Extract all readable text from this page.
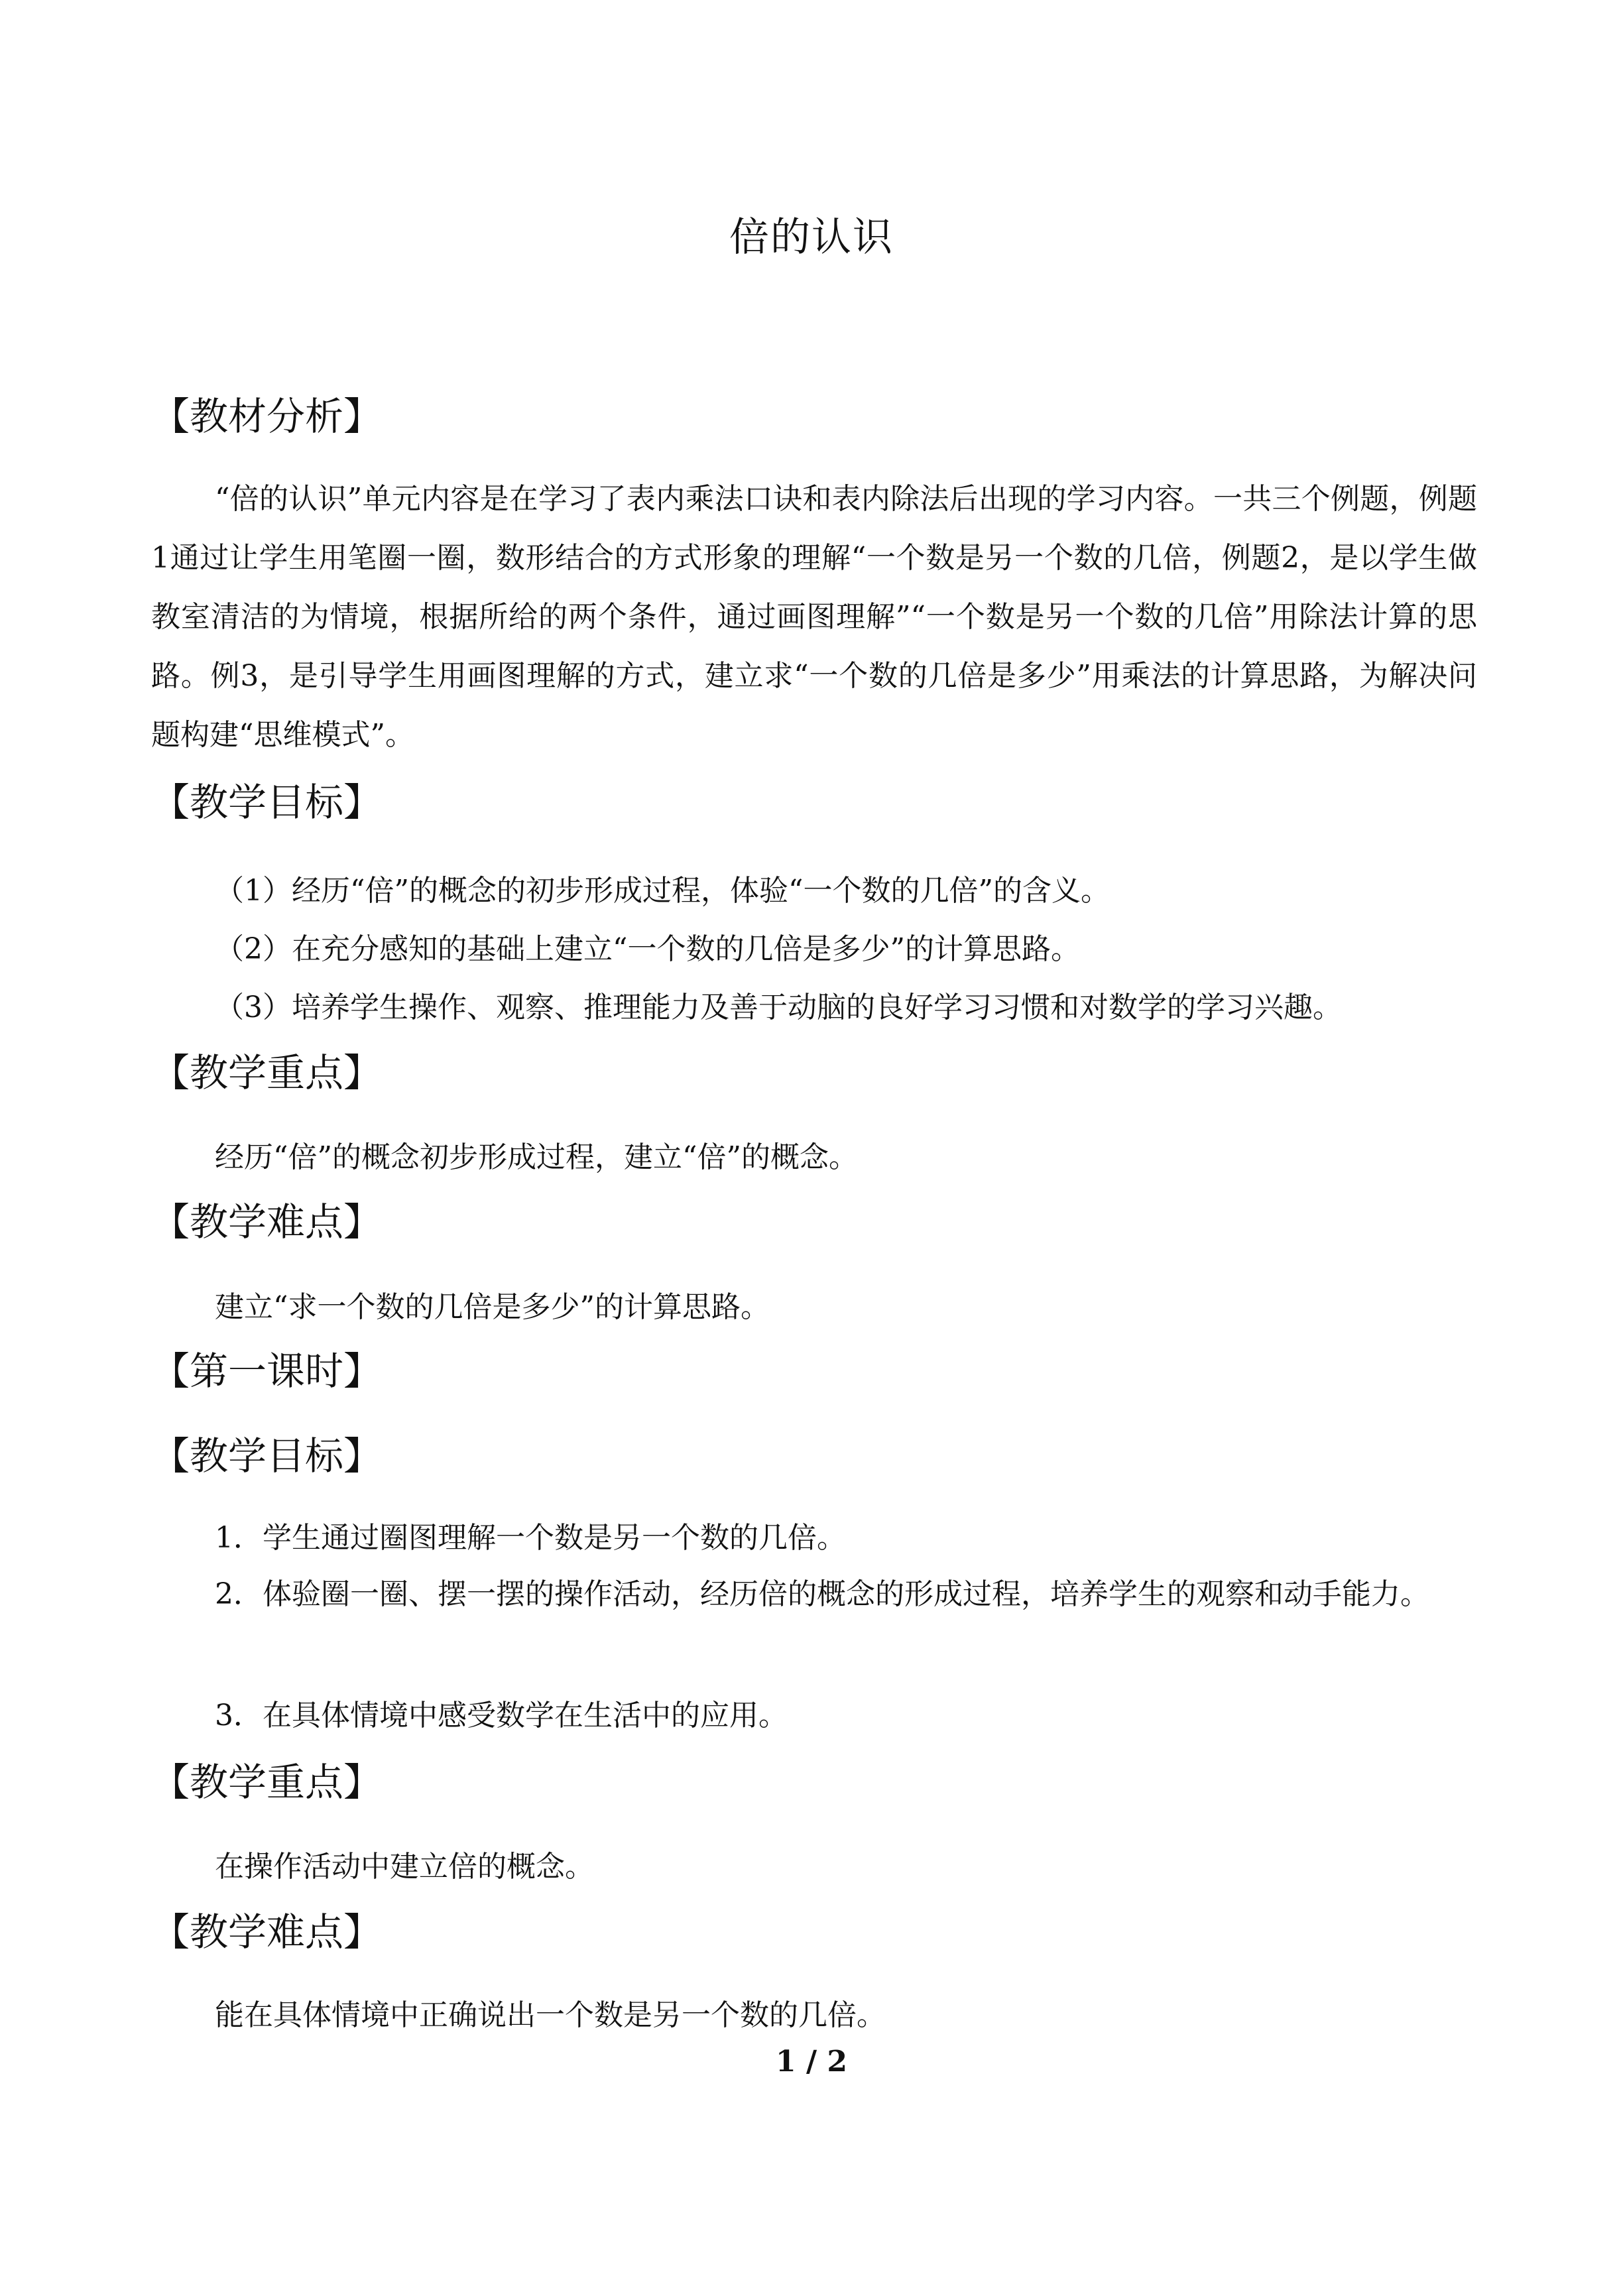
倍的认识
【教材分析】
“倍的认识”单元内容是在学习了表内乘法口诀和表内除法后出现的学习内容。一共三个例题，例题1通过让学生用笔圈一圈，数形结合的方式形象的理解“一个数是另一个数的几倍，例题2，是以学生做教室清洁的为情境，根据所给的两个条件，通过画图理解”“一个数是另一个数的几倍”用除法计算的思路。例3，是引导学生用画图理解的方式，建立求“一个数的几倍是多少”用乘法的计算思路，为解决问题构建“思维模式”。
【教学目标】
（1）经历“倍”的概念的初步形成过程，体验“一个数的几倍”的含义。
（2）在充分感知的基础上建立“一个数的几倍是多少”的计算思路。
（3）培养学生操作、观察、推理能力及善于动脑的良好学习习惯和对数学的学习兴趣。
【教学重点】
经历“倍”的概念初步形成过程，建立“倍”的概念。
【教学难点】
建立“求一个数的几倍是多少”的计算思路。
【第一课时】
【教学目标】
1．学生通过圈图理解一个数是另一个数的几倍。
2．体验圈一圈、摆一摆的操作活动，经历倍的概念的形成过程，培养学生的观察和动手能力。
3．在具体情境中感受数学在生活中的应用。
【教学重点】
在操作活动中建立倍的概念。
【教学难点】
能在具体情境中正确说出一个数是另一个数的几倍。
1 / 2
